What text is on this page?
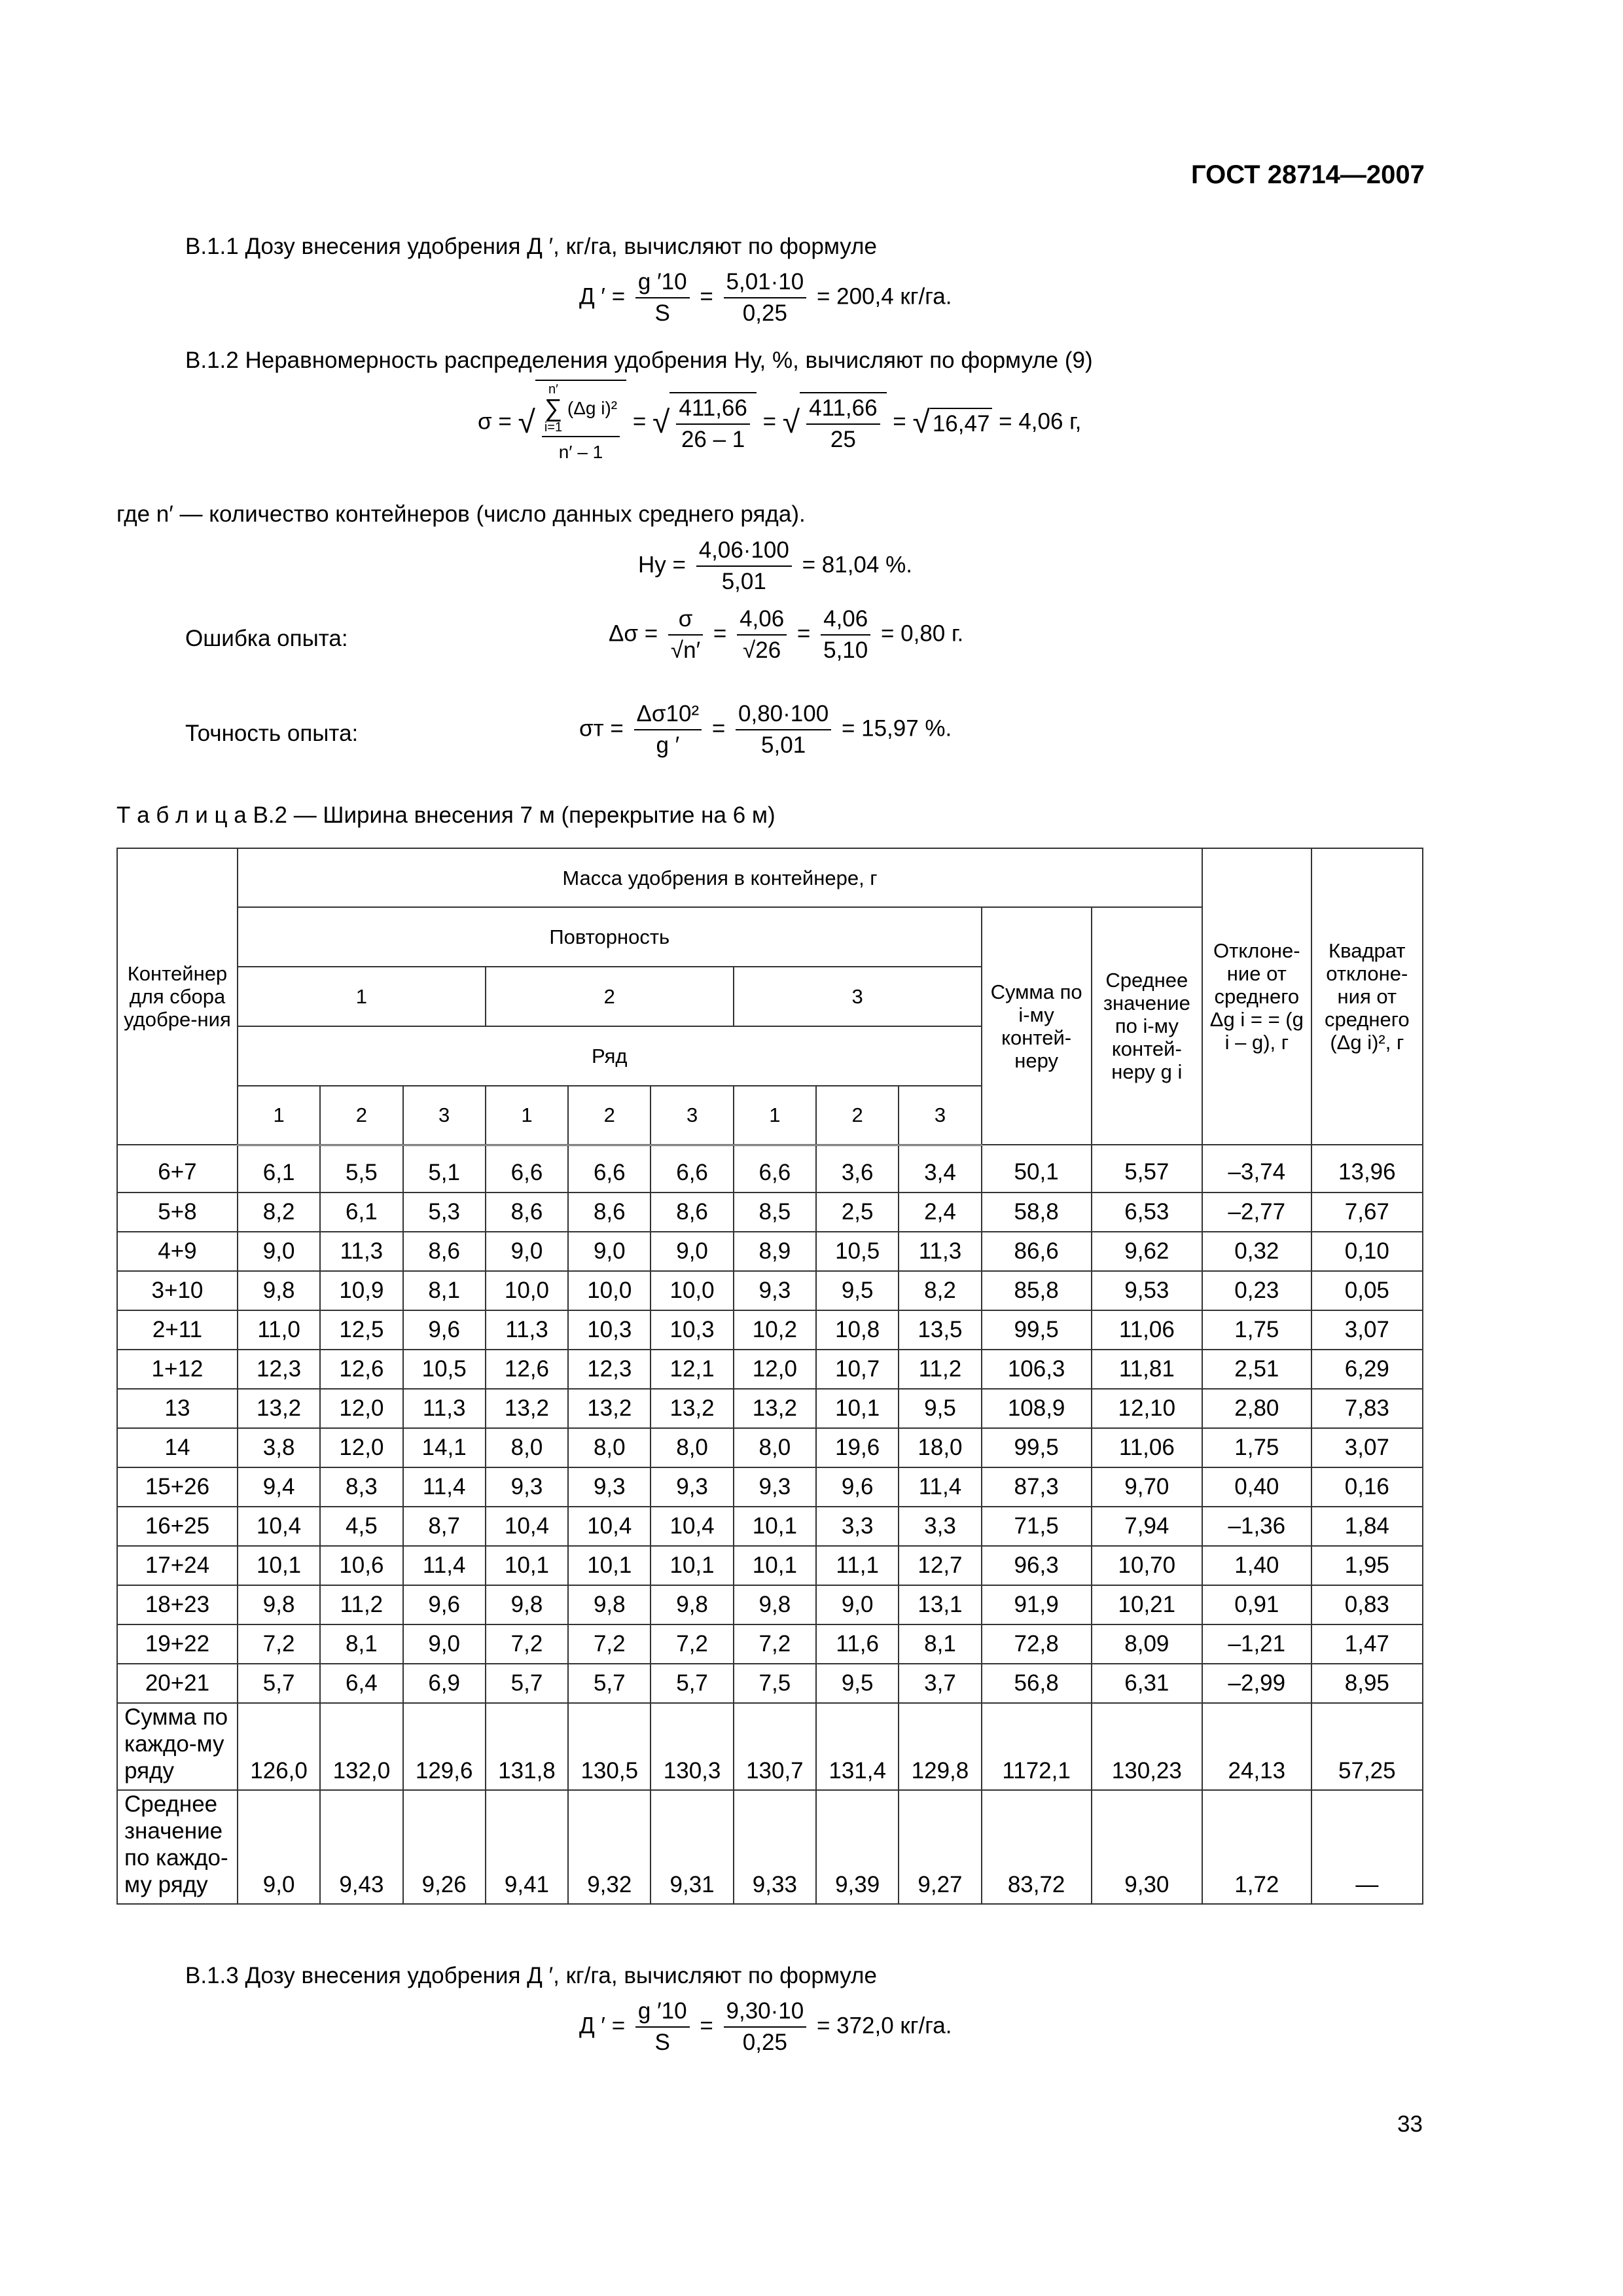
ГОСТ 28714—2007
В.1.1 Дозу внесения удобрения Д ′, кг/га, вычисляют по формуле
Д ′ = $\frac{g '10}{S} = \frac{5,01\cdot 10}{0,25} = 200,4$ кг/га.
В.1.2 Неравномерность распределения удобрения Hу, %, вычисляют по формуле (9)
σ = √ n′
∑
i=1
(Δg i)²
n′ – 1 = √ $\frac{411,66}{26 - 1}$ = √ $\frac{411,66}{25}$ = √ 16,47 = 4,06 г,
где n′ — количество контейнеров (число данных среднего ряда).
Hу = $\frac{4,06\cdot 100}{5,01} = 81,04$ %.
Ошибка опыта:	$\Delta\sigma = \frac{\sigma}{√n'} = \frac{4,06}{√26} = \frac{4,06}{5,10} = 0,80$ г.
Точность опыта:	$\sigma т = \frac{\text{Δσ10²}}{g '} = \frac{0,80\cdot 100}{5,01} = 15,97$ %.
Т а б л и ц а В.2 — Ширина внесения 7 м (перекрытие на 6 м)
Контейнер для сбора удобре-ния	Масса удобрения в контейнере, г											Отклоне-ние от среднего Δg i = = (g i – g), г	Квадрат отклоне-ния от среднего (Δg i)², г
	Повторность									Сумма по i-му контей-неру	Среднее значение по i-му контей-неру g i		
	1			2			3						
	Ряд												
	1	2	3	1	2	3	1	2	3				
6+7	6,1	5,5	5,1	6,6	6,6	6,6	6,6	3,6	3,4	50,1	5,57	–3,74	13,96
5+8	8,2	6,1	5,3	8,6	8,6	8,6	8,5	2,5	2,4	58,8	6,53	–2,77	7,67
4+9	9,0	11,3	8,6	9,0	9,0	9,0	8,9	10,5	11,3	86,6	9,62	0,32	0,10
3+10	9,8	10,9	8,1	10,0	10,0	10,0	9,3	9,5	8,2	85,8	9,53	0,23	0,05
2+11	11,0	12,5	9,6	11,3	10,3	10,3	10,2	10,8	13,5	99,5	11,06	1,75	3,07
1+12	12,3	12,6	10,5	12,6	12,3	12,1	12,0	10,7	11,2	106,3	11,81	2,51	6,29
13	13,2	12,0	11,3	13,2	13,2	13,2	13,2	10,1	9,5	108,9	12,10	2,80	7,83
14	3,8	12,0	14,1	8,0	8,0	8,0	8,0	19,6	18,0	99,5	11,06	1,75	3,07
15+26	9,4	8,3	11,4	9,3	9,3	9,3	9,3	9,6	11,4	87,3	9,70	0,40	0,16
16+25	10,4	4,5	8,7	10,4	10,4	10,4	10,1	3,3	3,3	71,5	7,94	–1,36	1,84
17+24	10,1	10,6	11,4	10,1	10,1	10,1	10,1	11,1	12,7	96,3	10,70	1,40	1,95
18+23	9,8	11,2	9,6	9,8	9,8	9,8	9,8	9,0	13,1	91,9	10,21	0,91	0,83
19+22	7,2	8,1	9,0	7,2	7,2	7,2	7,2	11,6	8,1	72,8	8,09	–1,21	1,47
20+21	5,7	6,4	6,9	5,7	5,7	5,7	7,5	9,5	3,7	56,8	6,31	–2,99	8,95
Сумма по каждо-му ряду	126,0	132,0	129,6	131,8	130,5	130,3	130,7	131,4	129,8	1172,1	130,23	24,13	57,25
Среднее значение по каждо-му ряду	9,0	9,43	9,26	9,41	9,32	9,31	9,33	9,39	9,27	83,72	9,30	1,72	—
В.1.3 Дозу внесения удобрения Д ′, кг/га, вычисляют по формуле
Д ′ = $\frac{g '10}{S} = \frac{9,30\cdot 10}{0,25} = 372,0$ кг/га.
33
